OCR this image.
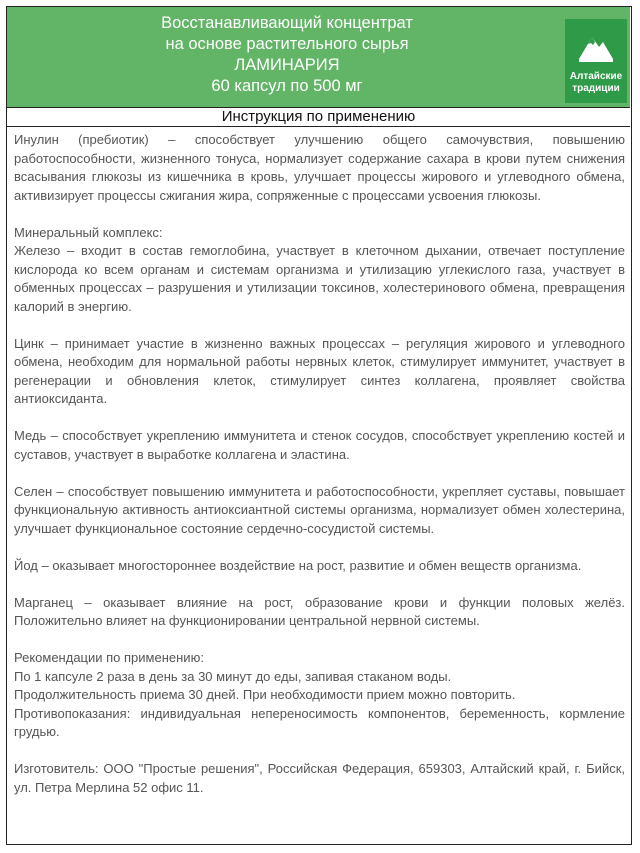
Восстанавливающий концентрат
на основе растительного сырья
ЛАМИНАРИЯ
60 капсул по 500 мг
Алтайские
традиции
Инструкция по применению

Инулин (пребиотик) – способствует улучшению общего самочувствия, повышению работоспособности, жизненного тонуса, нормализует содержание сахара в крови путем снижения всасывания глюкозы из кишечника в кровь, улучшает процессы жирового и углеводного обмена, активизирует процессы сжигания жира, сопряженные с процессами усвоения глюкозы.

Минеральный комплекс:

Железо – входит в состав гемоглобина, участвует в клеточном дыхании, отвечает поступление кислорода ко всем органам и системам организма и утилизацию углекислого газа, участвует в обменных процессах – разрушения и утилизации токсинов, холестеринового обмена, превращения калорий в энергию.

Цинк – принимает участие в жизненно важных процессах – регуляция жирового и углеводного обмена, необходим для нормальной работы нервных клеток, стимулирует иммунитет, участвует в регенерации и обновления клеток, стимулирует синтез коллагена, проявляет свойства антиоксиданта.

Медь – способствует укреплению иммунитета и стенок сосудов, способствует укреплению костей и суставов, участвует в выработке коллагена и эластина.

Селен – способствует повышению иммунитета и работоспособности, укрепляет суставы, повышает функциональную активность антиоксиантной системы организма, нормализует обмен холестерина, улучшает функциональное состояние сердечно-сосудистой системы.

Йод – оказывает многостороннее воздействие на рост, развитие и обмен веществ организма.

Марганец – оказывает влияние на рост, образование крови и функции половых желёз. Положительно влияет на функционировании центральной нервной системы.

Рекомендации по применению:

По 1 капсуле 2 раза в день за 30 минут до еды, запивая стаканом воды.

Продолжительность приема 30 дней. При необходимости прием можно повторить.

Противопоказания: индивидуальная непереносимость компонентов, беременность, кормление грудью.

Изготовитель: ООО "Простые решения", Российская Федерация, 659303, Алтайский край, г. Бийск, ул. Петра Мерлина 52 офис 11.
